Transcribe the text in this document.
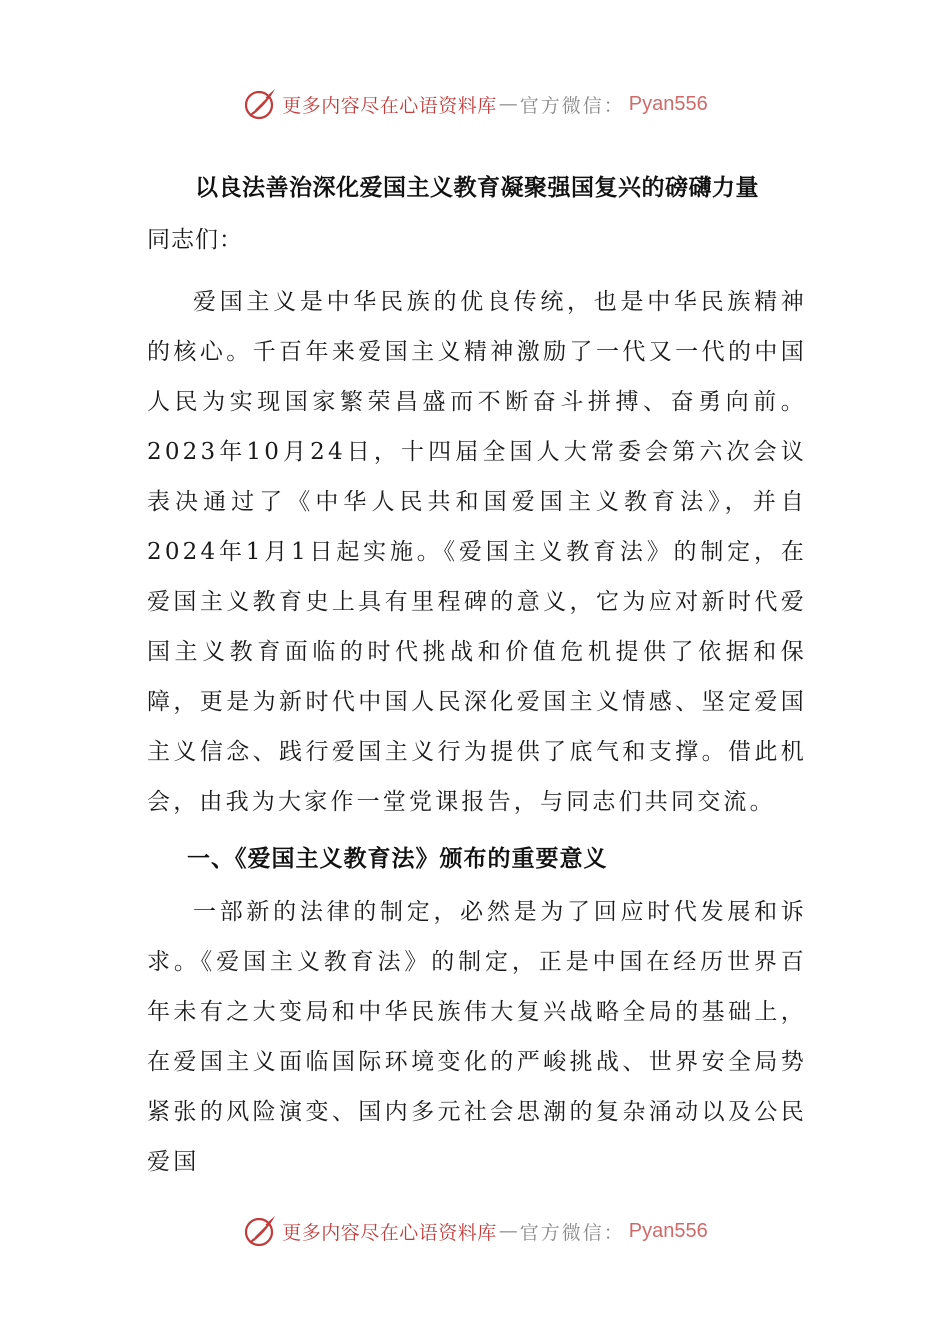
更多内容尽在心语资料库 — 官方微信： Pyan556
以良法善治深化爱国主义教育凝聚强国复兴的磅礴力量
同志们：

爱国主义是中华民族的优良传统，也是中华民族精神的核心。千百年来爱国主义精神激励了一代又一代的中国人民为实现国家繁荣昌盛而不断奋斗拼搏、奋勇向前。2023年10月24日，十四届全国人大常委会第六次会议表决通过了《中华人民共和国爱国主义教育法》，并自2024年1月1日起实施。《爱国主义教育法》的制定，在爱国主义教育史上具有里程碑的意义，它为应对新时代爱国主义教育面临的时代挑战和价值危机提供了依据和保障，更是为新时代中国人民深化爱国主义情感、坚定爱国主义信念、践行爱国主义行为提供了底气和支撑。借此机会，由我为大家作一堂党课报告，与同志们共同交流。

一、《爱国主义教育法》颁布的重要意义

一部新的法律的制定，必然是为了回应时代发展和诉求。《爱国主义教育法》的制定，正是中国在经历世界百年未有之大变局和中华民族伟大复兴战略全局的基础上，在爱国主义面临国际环境变化的严峻挑战、世界安全局势紧张的风险演变、国内多元社会思潮的复杂涌动以及公民爱国

更多内容尽在心语资料库 — 官方微信： Pyan556
